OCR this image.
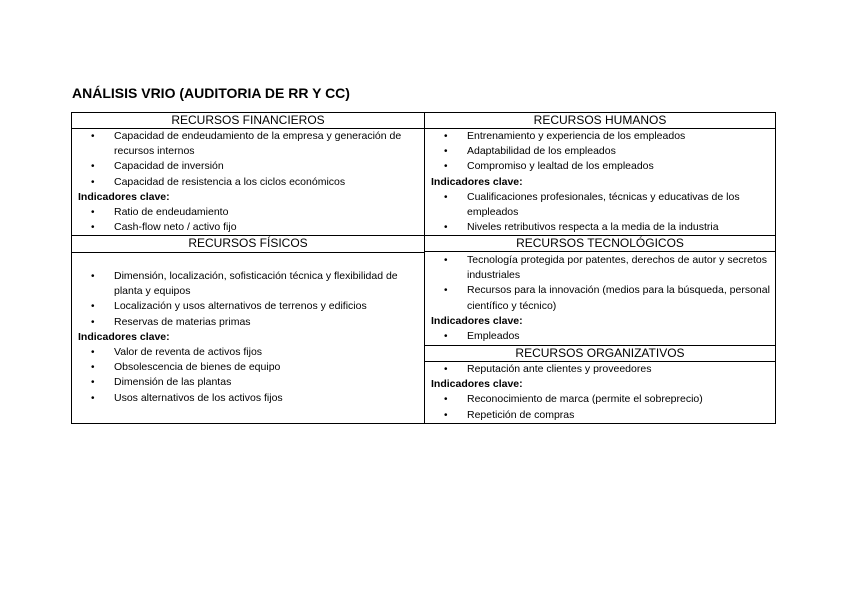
ANÁLISIS VRIO (AUDITORIA DE RR Y CC)
RECURSOS FINANCIEROS	RECURSOS HUMANOS
RECURSOS FÍSICOS	RECURSOS TECNOLÓGICOS
RECURSOS ORGANIZATIVOS
• Capacidad de endeudamiento de la empresa y generación de recursos internos
• Capacidad de inversión
• Capacidad de resistencia a los ciclos económicos
Indicadores clave:
• Ratio de endeudamiento
• Cash-flow neto / activo fijo
• Entrenamiento y experiencia de los empleados
• Adaptabilidad de los empleados
• Compromiso y lealtad de los empleados
Indicadores clave:
• Cualificaciones profesionales, técnicas y educativas de los empleados
• Niveles retributivos respecta a la media de la industria
• Dimensión, localización, sofisticación técnica y flexibilidad de planta y equipos
• Localización y usos alternativos de terrenos y edificios
• Reservas de materias primas
Indicadores clave:
• Valor de reventa de activos fijos
• Obsolescencia de bienes de equipo
• Dimensión de las plantas
• Usos alternativos de los activos fijos
• Tecnología protegida por patentes, derechos de autor y secretos industriales
• Recursos para la innovación (medios para la búsqueda, personal científico y técnico)
Indicadores clave:
• Empleados
• Reputación ante clientes y proveedores
Indicadores clave:
• Reconocimiento de marca (permite el sobreprecio)
• Repetición de compras
